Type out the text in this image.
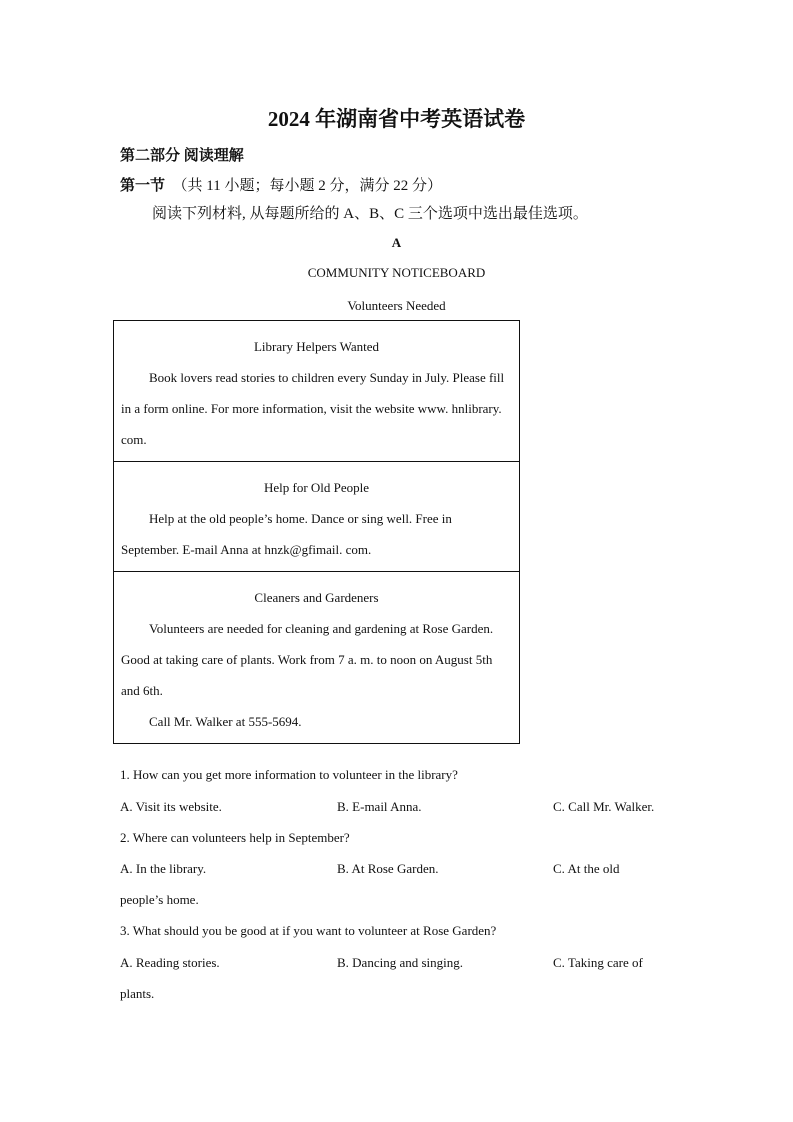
2024 年湖南省中考英语试卷
第二部分 阅读理解
第一节 （共 11 小题；每小题 2 分，满分 22 分）
阅读下列材料, 从每题所给的 A、B、C 三个选项中选出最佳选项。
A
COMMUNITY NOTICEBOARD
Volunteers Needed
Library Helpers Wanted
Book lovers read stories to children every Sunday in July. Please fill in a form online. For more information, visit the website www. hnlibrary. com.

Help for Old People
Help at the old people’s home. Dance or sing well. Free in September. E-mail Anna at hnzk@gfimail. com.

Cleaners and Gardeners
Volunteers are needed for cleaning and gardening at Rose Garden. Good at taking care of plants. Work from 7 a. m. to noon on August 5th and 6th.
Call Mr. Walker at 555-5694.
1. How can you get more information to volunteer in the library?
A. Visit its website.	B. E-mail Anna.	C. Call Mr. Walker.
2. Where can volunteers help in September?
A. In the library.	B. At Rose Garden.	C. At the old
people’s home.
3. What should you be good at if you want to volunteer at Rose Garden?
A. Reading stories.	B. Dancing and singing.	C. Taking care of
plants.
